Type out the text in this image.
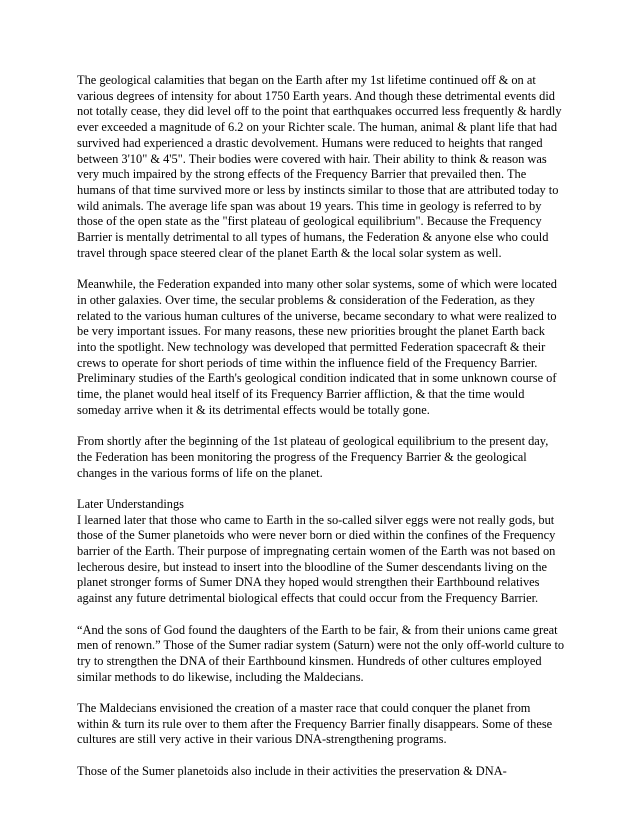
The geological calamities that began on the Earth after my 1st lifetime continued off & on at various degrees of intensity for about 1750 Earth years. And though these detrimental events did not totally cease, they did level off to the point that earthquakes occurred less frequently & hardly ever exceeded a magnitude of 6.2 on your Richter scale. The human, animal & plant life that had survived had experienced a drastic devolvement. Humans were reduced to heights that ranged between 3'10" & 4'5". Their bodies were covered with hair. Their ability to think & reason was very much impaired by the strong effects of the Frequency Barrier that prevailed then. The humans of that time survived more or less by instincts similar to those that are attributed today to wild animals. The average life span was about 19 years. This time in geology is referred to by those of the open state as the "first plateau of geological equilibrium". Because the Frequency Barrier is mentally detrimental to all types of humans, the Federation & anyone else who could travel through space steered clear of the planet Earth & the local solar system as well.

Meanwhile, the Federation expanded into many other solar systems, some of which were located in other galaxies. Over time, the secular problems & consideration of the Federation, as they related to the various human cultures of the universe, became secondary to what were realized to be very important issues. For many reasons, these new priorities brought the planet Earth back into the spotlight. New technology was developed that permitted Federation spacecraft & their crews to operate for short periods of time within the influence field of the Frequency Barrier. Preliminary studies of the Earth's geological condition indicated that in some unknown course of time, the planet would heal itself of its Frequency Barrier affliction, & that the time would someday arrive when it & its detrimental effects would be totally gone.

From shortly after the beginning of the 1st plateau of geological equilibrium to the present day, the Federation has been monitoring the progress of the Frequency Barrier & the geological changes in the various forms of life on the planet.

Later Understandings
I learned later that those who came to Earth in the so-called silver eggs were not really gods, but those of the Sumer planetoids who were never born or died within the confines of the Frequency barrier of the Earth. Their purpose of impregnating certain women of the Earth was not based on lecherous desire, but instead to insert into the bloodline of the Sumer descendants living on the planet stronger forms of Sumer DNA they hoped would strengthen their Earthbound relatives against any future detrimental biological effects that could occur from the Frequency Barrier.

“And the sons of God found the daughters of the Earth to be fair, & from their unions came great men of renown.” Those of the Sumer radiar system (Saturn) were not the only off-world culture to try to strengthen the DNA of their Earthbound kinsmen. Hundreds of other cultures employed similar methods to do likewise, including the Maldecians.

The Maldecians envisioned the creation of a master race that could conquer the planet from within & turn its rule over to them after the Frequency Barrier finally disappears. Some of these cultures are still very active in their various DNA-strengthening programs.

Those of the Sumer planetoids also include in their activities the preservation & DNA-
